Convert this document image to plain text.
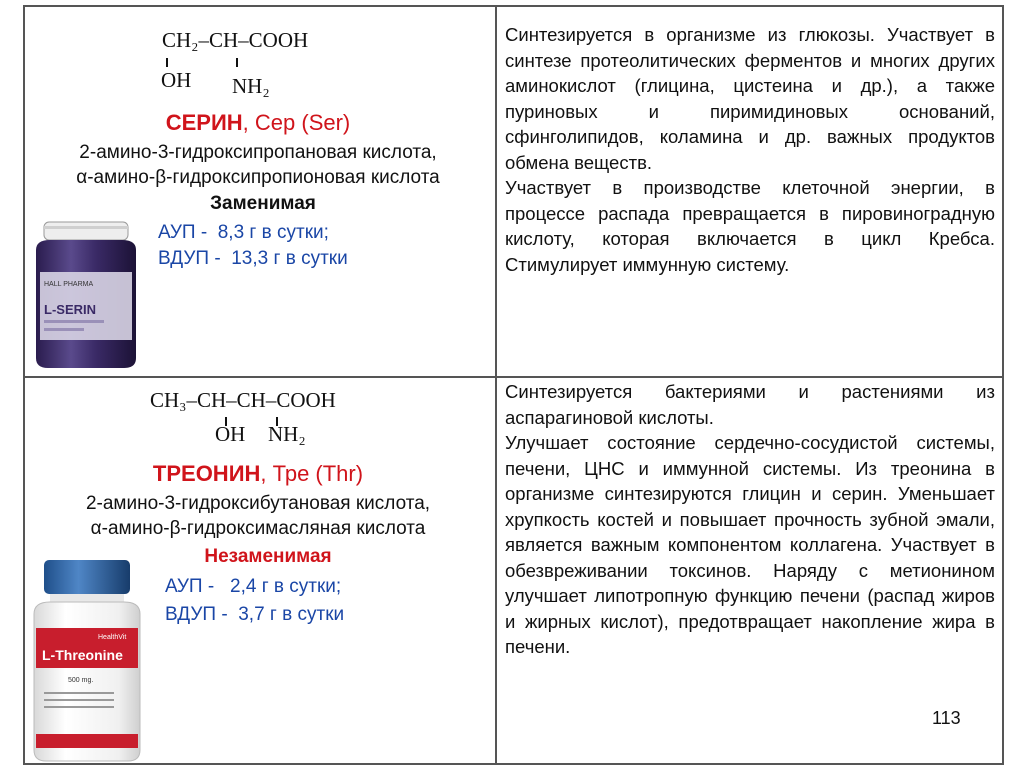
CH₂–CH–COOH
OH NH₂
СЕРИН, Сер (Ser)
2-амино-3-гидроксипропановая кислота,
α-амино-β-гидроксипропионовая кислота
Заменимая
АУП -  8,3 г в сутки;
ВДУП -  13,3 г в сутки
HALL PHARMA
L-SERIN

Синтезируется в организме из глюкозы. Участвует в синтезе протеолитических ферментов и многих других аминокислот (глицина, цистеина и др.), а также пуриновых и пиримидиновых оснований, сфинголипидов, коламина и др. важных продуктов обмена веществ.

Участвует в производстве клеточной энергии, в процессе распада превращается в пировиноградную кислоту, которая включается в цикл Кребса. Стимулирует иммунную систему.

CH₃–CH–CH–COOH
OH NH₂
ТРЕОНИН, Тре (Thr)
2-амино-3-гидроксибутановая кислота,
α-амино-β-гидроксимасляная кислота
Незаменимая
АУП -   2,4 г в сутки;
ВДУП -  3,7 г в сутки
HealthVit
L-Threonine
500 mg.

Синтезируется бактериями и растениями из аспарагиновой кислоты.

Улучшает состояние сердечно-сосудистой системы, печени, ЦНС и иммунной системы. Из треонина в организме синтезируются глицин и серин. Уменьшает хрупкость костей и повышает прочность зубной эмали, является важным компонентом коллагена. Участвует в обезвреживании токсинов. Наряду с метионином улучшает липотропную функцию печени (распад жиров и жирных кислот), предотвращает накопление жира в печени.

113
